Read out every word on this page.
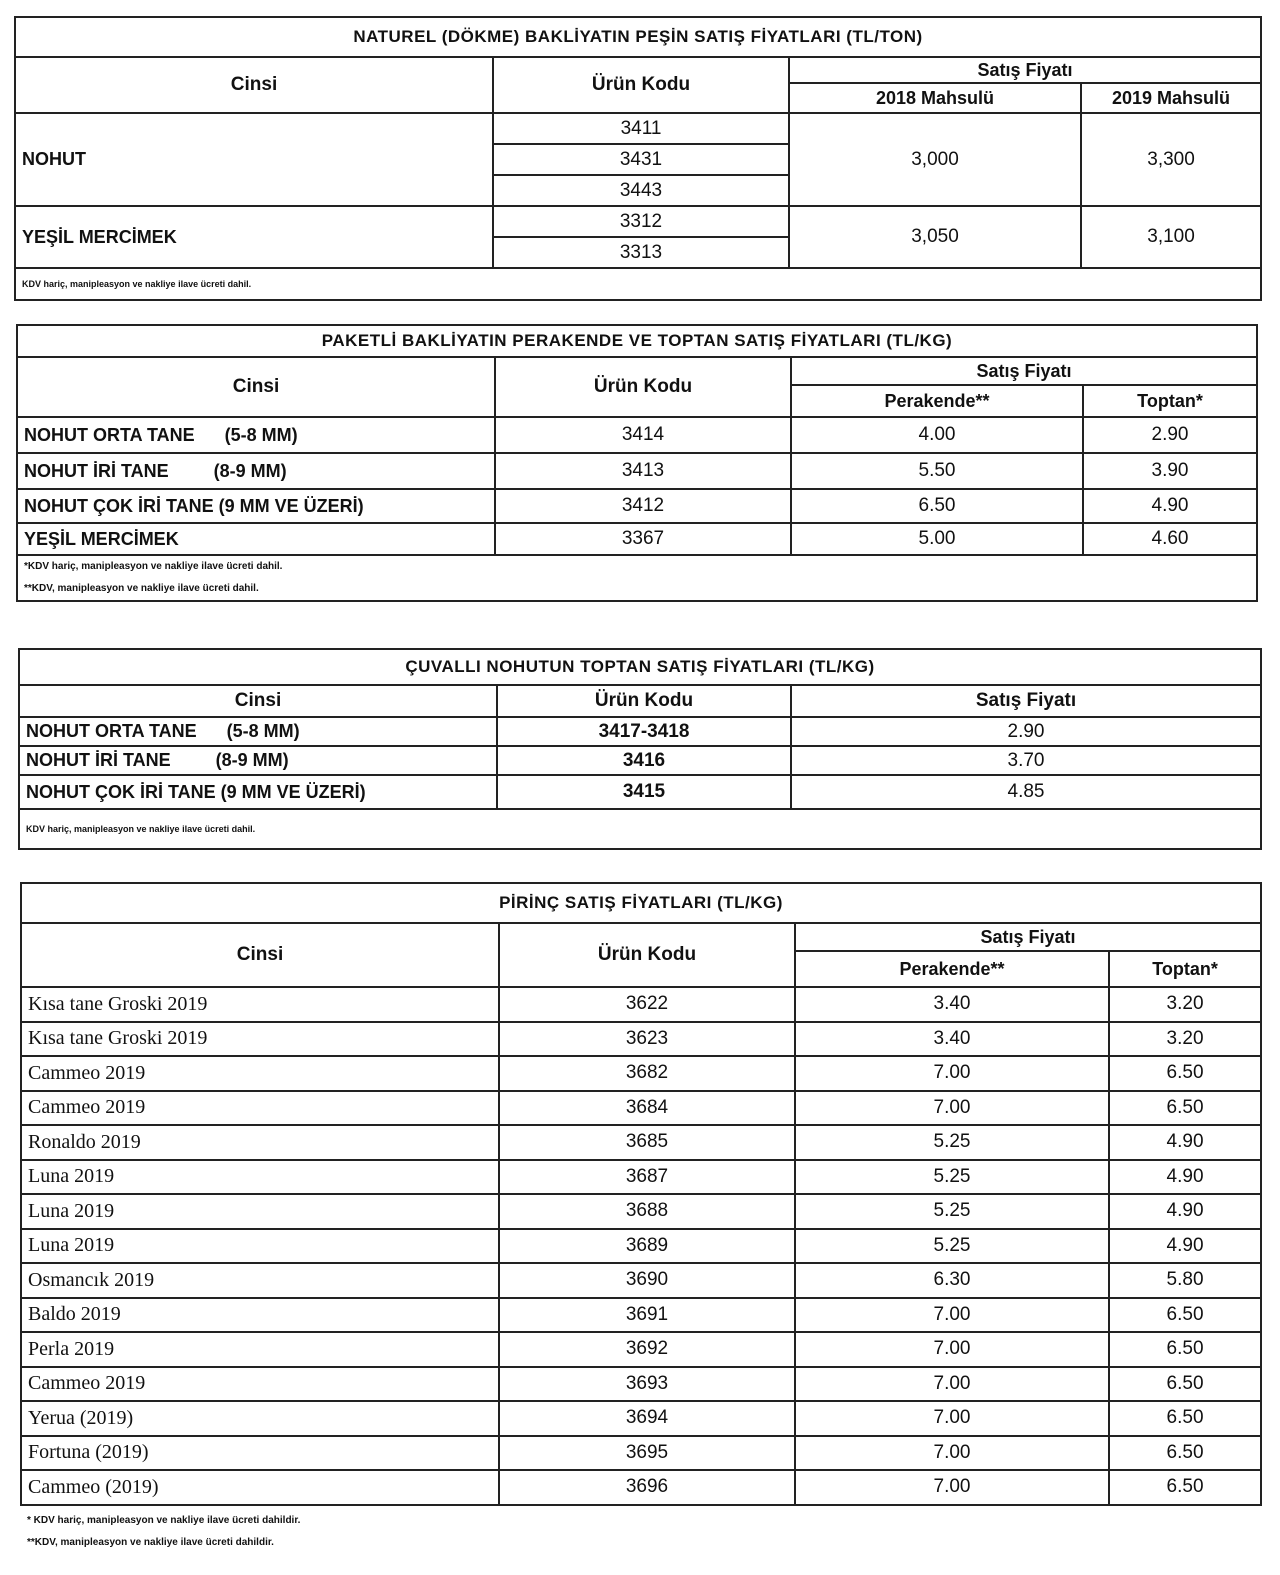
NATUREL (DÖKME) BAKLİYATIN PEŞİN SATIŞ FİYATLARI (TL/TON)			
Cinsi	Ürün Kodu	Satış Fiyatı	
		2018 Mahsulü	2019 Mahsulü
NOHUT	3411	3,000	3,300
	3431		
	3443		
YEŞİL MERCİMEK	3312	3,050	3,100
	3313		
KDV hariç, manipleasyon ve nakliye ilave ücreti dahil.			
PAKETLİ BAKLİYATIN PERAKENDE VE TOPTAN SATIŞ FİYATLARI (TL/KG)			
Cinsi	Ürün Kodu	Satış Fiyatı	
		Perakende**	Toptan*
NOHUT ORTA TANE      (5-8 MM)	3414	4.00	2.90
NOHUT İRİ TANE         (8-9 MM)	3413	5.50	3.90
NOHUT ÇOK İRİ TANE (9 MM VE ÜZERİ)	3412	6.50	4.90
YEŞİL MERCİMEK	3367	5.00	4.60

*KDV hariç, manipleasyon ve nakliye ilave ücreti dahil.
**KDV, manipleasyon ve nakliye ilave ücreti dahil.			
ÇUVALLI NOHUTUN TOPTAN SATIŞ FİYATLARI (TL/KG)		
Cinsi	Ürün Kodu	Satış Fiyatı
NOHUT ORTA TANE      (5-8 MM)	3417-3418	2.90
NOHUT İRİ TANE         (8-9 MM)	3416	3.70
NOHUT ÇOK İRİ TANE (9 MM VE ÜZERİ)	3415	4.85
KDV hariç, manipleasyon ve nakliye ilave ücreti dahil.		
PİRİNÇ SATIŞ FİYATLARI (TL/KG)			
Cinsi	Ürün Kodu	Satış Fiyatı	
		Perakende**	Toptan*
Kısa tane Groski 2019	3622	3.40	3.20
Kısa tane Groski 2019	3623	3.40	3.20
Cammeo 2019	3682	7.00	6.50
Cammeo 2019	3684	7.00	6.50
Ronaldo 2019	3685	5.25	4.90
Luna 2019	3687	5.25	4.90
Luna 2019	3688	5.25	4.90
Luna 2019	3689	5.25	4.90
Osmancık 2019	3690	6.30	5.80
Baldo 2019	3691	7.00	6.50
Perla 2019	3692	7.00	6.50
Cammeo 2019	3693	7.00	6.50
Yerua (2019)	3694	7.00	6.50
Fortuna (2019)	3695	7.00	6.50
Cammeo (2019)	3696	7.00	6.50

* KDV hariç, manipleasyon ve nakliye ilave ücreti dahildir.
**KDV, manipleasyon ve nakliye ilave ücreti dahildir.			
